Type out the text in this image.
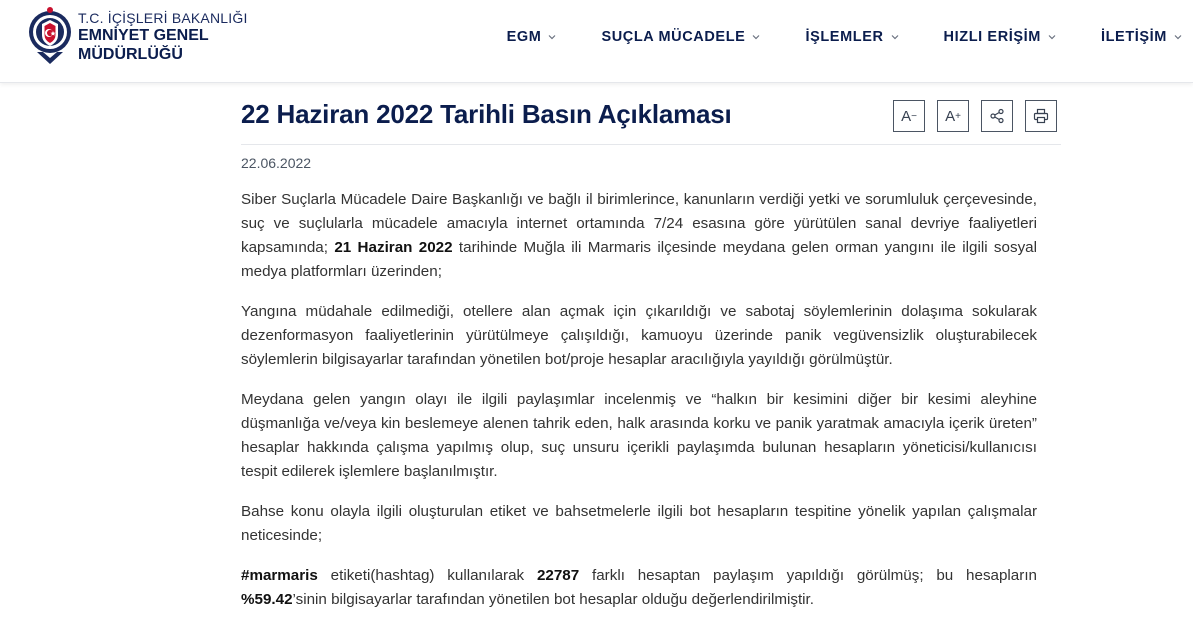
T.C. İÇİŞLERİ BAKANLIĞI
EMNİYET GENEL
MÜDÜRLÜĞÜ
EGM	SUÇLA MÜCADELE	İŞLEMLER	HIZLI ERİŞİM	İLETİŞİM
22 Haziran 2022 Tarihli Basın Açıklaması	A − A +
22.06.2022

Siber Suçlarla Mücadele Daire Başkanlığı ve bağlı il birimlerince, kanunların verdiği yetki ve sorumluluk çerçevesinde, suç ve suçlularla mücadele amacıyla internet ortamında 7/24 esasına göre yürütülen sanal devriye faaliyetleri kapsamında; 21 Haziran 2022 tarihinde Muğla ili Marmaris ilçesinde meydana gelen orman yangını ile ilgili sosyal medya platformları üzerinden;

Yangına müdahale edilmediği, otellere alan açmak için çıkarıldığı ve sabotaj söylemlerinin dolaşıma sokularak dezenformasyon faaliyetlerinin yürütülmeye çalışıldığı, kamuoyu üzerinde panik vegüvensizlik oluşturabilecek söylemlerin bilgisayarlar tarafından yönetilen bot/proje hesaplar aracılığıyla yayıldığı görülmüştür.

Meydana gelen yangın olayı ile ilgili paylaşımlar incelenmiş ve “halkın bir kesimini diğer bir kesimi aleyhine düşmanlığa ve/veya kin beslemeye alenen tahrik eden, halk arasında korku ve panik yaratmak amacıyla içerik üreten” hesaplar hakkında çalışma yapılmış olup, suç unsuru içerikli paylaşımda bulunan hesapların yöneticisi/kullanıcısı tespit edilerek işlemlere başlanılmıştır.

Bahse konu olayla ilgili oluşturulan etiket ve bahsetmelerle ilgili bot hesapların tespitine yönelik yapılan çalışmalar neticesinde;

#marmaris etiketi(hashtag) kullanılarak 22787 farklı hesaptan paylaşım yapıldığı görülmüş; bu hesapların %59.42’sinin bilgisayarlar tarafından yönetilen bot hesaplar olduğu değerlendirilmiştir.
